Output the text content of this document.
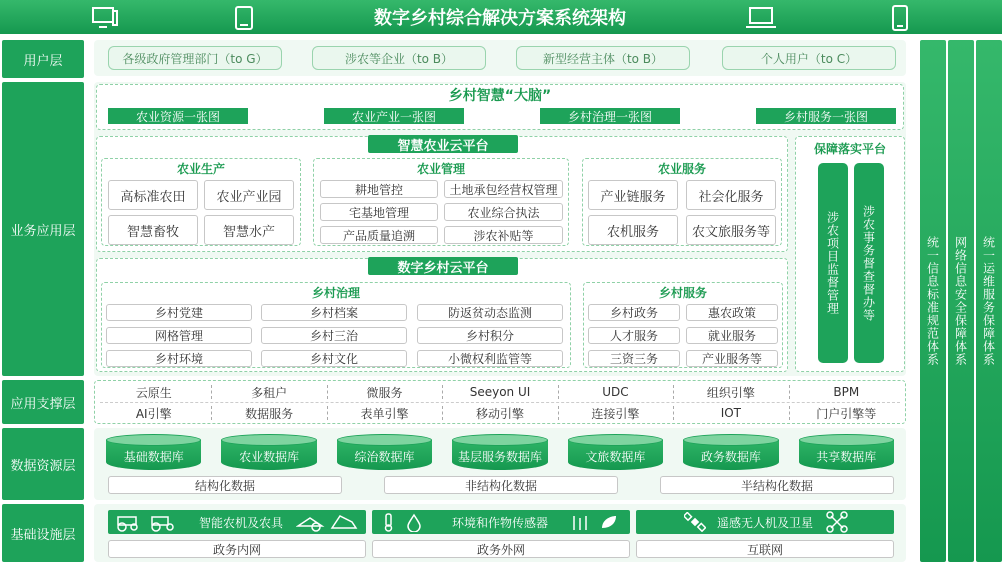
数字乡村综合解决方案系统架构
用户层
业务应用层
应用支撑层
数据资源层
基础设施层
各级政府管理部门（to G）	涉农等企业（to B）	新型经营主体（to B）	个人用户（to C）
乡村智慧“大脑”
农业资源一张图	农业产业一张图	乡村治理一张图	乡村服务一张图
智慧农业云平台
农业生产
高标准农田	农业产业园
智慧畜牧	智慧水产
农业管理
耕地管控	土地承包经营权管理
宅基地管理	农业综合执法
产品质量追溯	涉农补贴等
农业服务
产业链服务	社会化服务
农机服务	农文旅服务等
数字乡村云平台
乡村治理
乡村党建	乡村档案	防返贫动态监测
网格管理	乡村三治	乡村积分
乡村环境	乡村文化	小微权利监管等
乡村服务
乡村政务	惠农政策
人才服务	就业服务
三资三务	产业服务等
保障落实平台
涉农项目监督管理 涉农事务督查督办等
云原生	多租户	微服务	Seeyon UI	UDC	组织引擎	BPM
AI引擎	数据服务	表单引擎	移动引擎	连接引擎	IOT	门户引擎等
基础数据库	农业数据库	综治数据库	基层服务数据库	文旅数据库	政务数据库	共享数据库
结构化数据	非结构化数据	半结构化数据
智能农机及农具	环境和作物传感器	遥感无人机及卫星
政务内网	政务外网	互联网
统一信息标准规范体系 网络信息安全保障体系 统一运维服务保障体系
